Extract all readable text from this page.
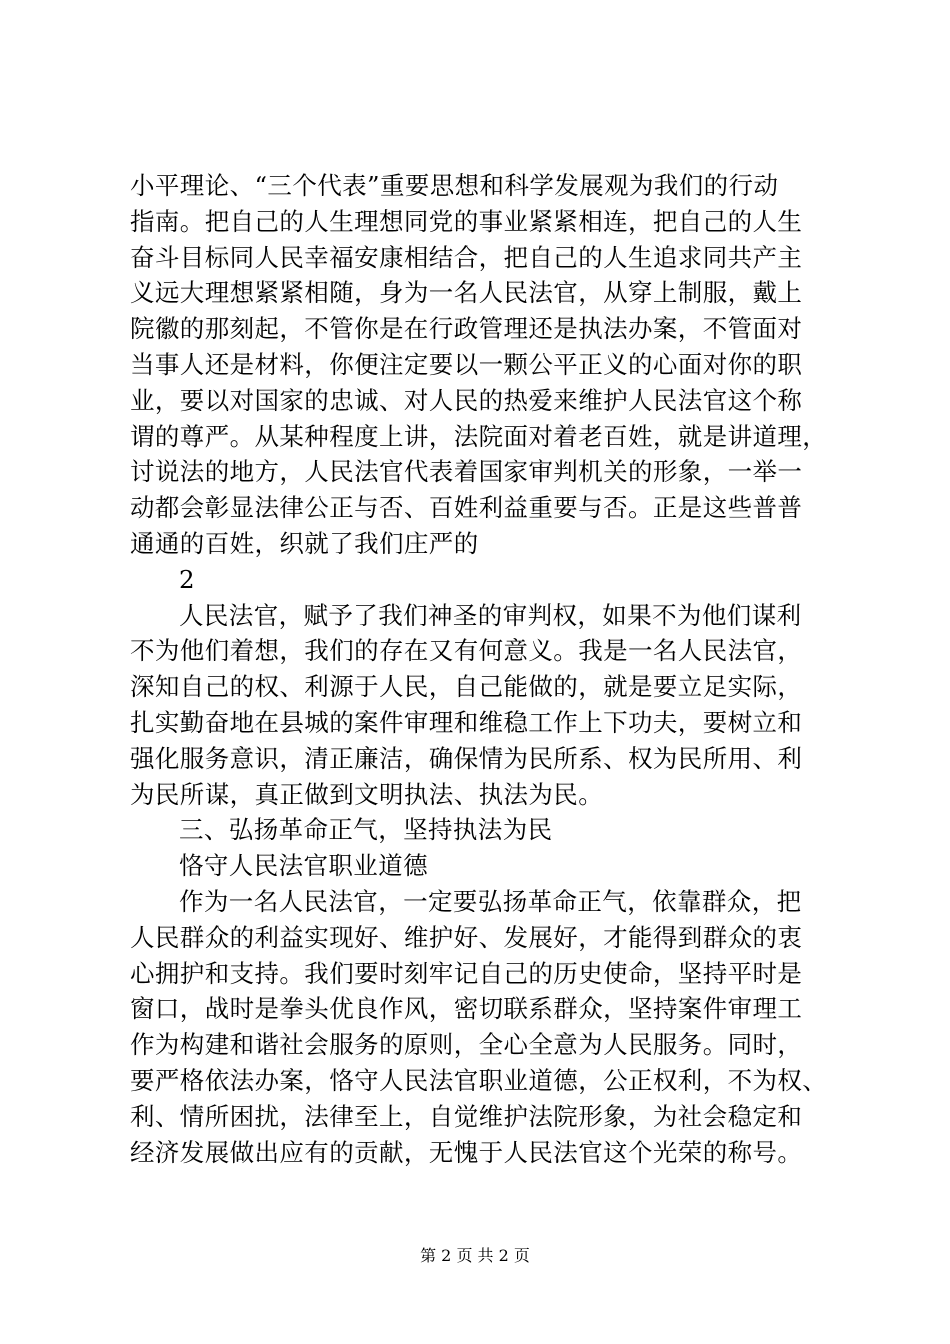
小平理论、“三个代表”重要思想和科学发展观为我们的行动
指南。把自己的人生理想同党的事业紧紧相连，把自己的人生
奋斗目标同人民幸福安康相结合，把自己的人生追求同共产主
义远大理想紧紧相随，身为一名人民法官，从穿上制服，戴上
院徽的那刻起，不管你是在行政管理还是执法办案，不管面对
当事人还是材料，你便注定要以一颗公平正义的心面对你的职
业，要以对国家的忠诚、对人民的热爱来维护人民法官这个称
谓的尊严。从某种程度上讲，法院面对着老百姓，就是讲道理，
讨说法的地方，人民法官代表着国家审判机关的形象，一举一
动都会彰显法律公正与否、百姓利益重要与否。正是这些普普
通通的百姓，织就了我们庄严的
2
人民法官，赋予了我们神圣的审判权，如果不为他们谋利
不为他们着想，我们的存在又有何意义。我是一名人民法官，
深知自己的权、利源于人民，自己能做的，就是要立足实际，
扎实勤奋地在县城的案件审理和维稳工作上下功夫，要树立和
强化服务意识，清正廉洁，确保情为民所系、权为民所用、利
为民所谋，真正做到文明执法、执法为民。
三、弘扬革命正气，坚持执法为民
恪守人民法官职业道德
作为一名人民法官，一定要弘扬革命正气，依靠群众，把
人民群众的利益实现好、维护好、发展好，才能得到群众的衷
心拥护和支持。我们要时刻牢记自己的历史使命，坚持平时是
窗口，战时是拳头优良作风，密切联系群众，坚持案件审理工
作为构建和谐社会服务的原则，全心全意为人民服务。同时，
要严格依法办案，恪守人民法官职业道德，公正权利，不为权、
利、情所困扰，法律至上，自觉维护法院形象，为社会稳定和
经济发展做出应有的贡献，无愧于人民法官这个光荣的称号。
第 2 页 共 2 页
